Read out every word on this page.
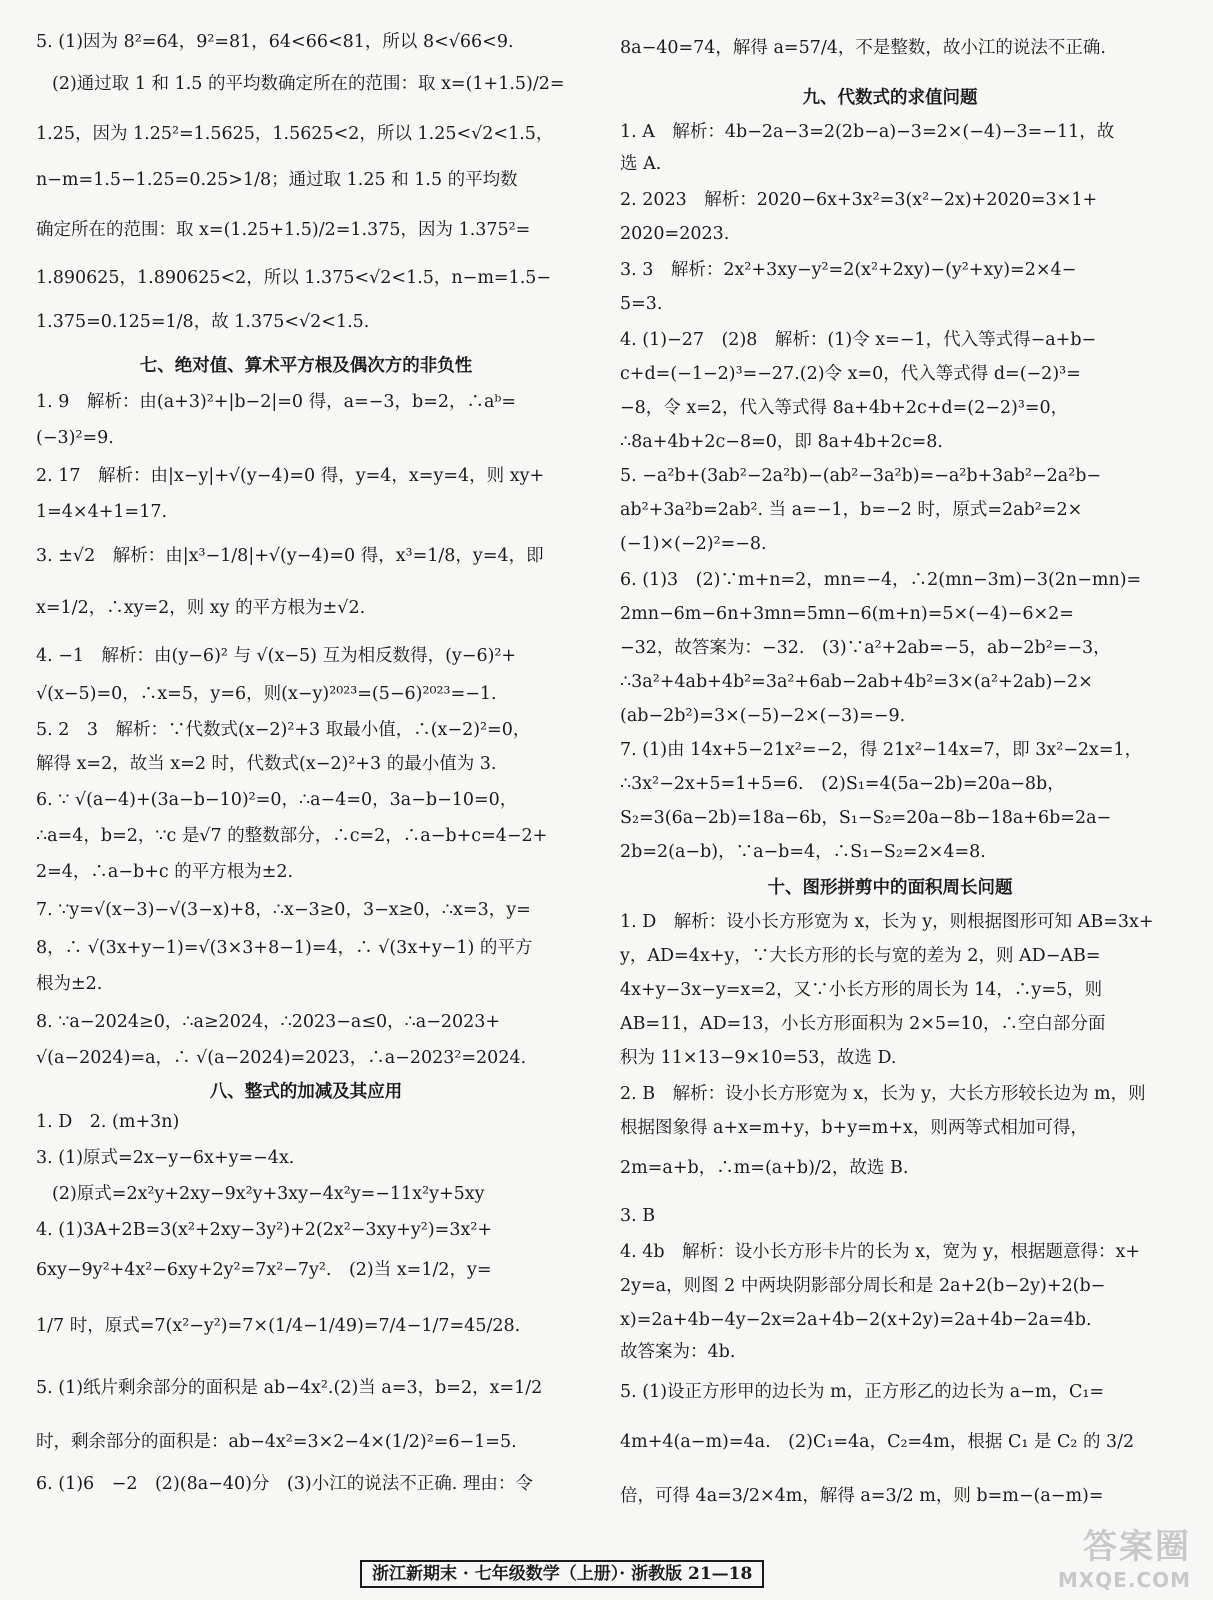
5. (1)因为 8²=64，9²=81，64<66<81，所以 8<√66<9.
(2)通过取 1 和 1.5 的平均数确定所在的范围：取 x=(1+1.5)/2=
1.25，因为 1.25²=1.5625，1.5625<2，所以 1.25<√2<1.5，
n−m=1.5−1.25=0.25>1/8；通过取 1.25 和 1.5 的平均数
确定所在的范围：取 x=(1.25+1.5)/2=1.375，因为 1.375²=
1.890625，1.890625<2，所以 1.375<√2<1.5，n−m=1.5−
1.375=0.125=1/8，故 1.375<√2<1.5.
七、绝对值、算术平方根及偶次方的非负性
1. 9　解析：由(a+3)²+|b−2|=0 得，a=−3，b=2，∴aᵇ=
(−3)²=9.
2. 17　解析：由|x−y|+√(y−4)=0 得，y=4，x=y=4，则 xy+
1=4×4+1=17.
3. ±√2　解析：由|x³−1/8|+√(y−4)=0 得，x³=1/8，y=4，即
x=1/2，∴xy=2，则 xy 的平方根为±√2.
4. −1　解析：由(y−6)² 与 √(x−5) 互为相反数得，(y−6)²+
√(x−5)=0，∴x=5，y=6，则(x−y)²⁰²³=(5−6)²⁰²³=−1.
5. 2　3　解析：∵代数式(x−2)²+3 取最小值，∴(x−2)²=0，
解得 x=2，故当 x=2 时，代数式(x−2)²+3 的最小值为 3.
6. ∵ √(a−4)+(3a−b−10)²=0，∴a−4=0，3a−b−10=0，
∴a=4，b=2，∵c 是√7 的整数部分，∴c=2，∴a−b+c=4−2+
2=4，∴a−b+c 的平方根为±2.
7. ∵y=√(x−3)−√(3−x)+8，∴x−3≥0，3−x≥0，∴x=3，y=
8，∴ √(3x+y−1)=√(3×3+8−1)=4，∴ √(3x+y−1) 的平方
根为±2.
8. ∵a−2024≥0，∴a≥2024，∴2023−a≤0，∴a−2023+
√(a−2024)=a，∴ √(a−2024)=2023，∴a−2023²=2024.
八、整式的加减及其应用
1. D　2. (m+3n)
3. (1)原式=2x−y−6x+y=−4x.
(2)原式=2x²y+2xy−9x²y+3xy−4x²y=−11x²y+5xy
4. (1)3A+2B=3(x²+2xy−3y²)+2(2x²−3xy+y²)=3x²+
6xy−9y²+4x²−6xy+2y²=7x²−7y².　(2)当 x=1/2，y=
1/7 时，原式=7(x²−y²)=7×(1/4−1/49)=7/4−1/7=45/28.
5. (1)纸片剩余部分的面积是 ab−4x².(2)当 a=3，b=2，x=1/2
时，剩余部分的面积是：ab−4x²=3×2−4×(1/2)²=6−1=5.
6. (1)6　−2　(2)(8a−40)分　(3)小江的说法不正确. 理由：令
8a−40=74，解得 a=57/4，不是整数，故小江的说法不正确.
九、代数式的求值问题
1. A　解析：4b−2a−3=2(2b−a)−3=2×(−4)−3=−11，故
选 A.
2. 2023　解析：2020−6x+3x²=3(x²−2x)+2020=3×1+
2020=2023.
3. 3　解析：2x²+3xy−y²=2(x²+2xy)−(y²+xy)=2×4−
5=3.
4. (1)−27　(2)8　解析：(1)令 x=−1，代入等式得−a+b−
c+d=(−1−2)³=−27.(2)令 x=0，代入等式得 d=(−2)³=
−8，令 x=2，代入等式得 8a+4b+2c+d=(2−2)³=0，
∴8a+4b+2c−8=0，即 8a+4b+2c=8.
5. −a²b+(3ab²−2a²b)−(ab²−3a²b)=−a²b+3ab²−2a²b−
ab²+3a²b=2ab². 当 a=−1，b=−2 时，原式=2ab²=2×
(−1)×(−2)²=−8.
6. (1)3　(2)∵m+n=2，mn=−4，∴2(mn−3m)−3(2n−mn)=
2mn−6m−6n+3mn=5mn−6(m+n)=5×(−4)−6×2=
−32，故答案为：−32.　(3)∵a²+2ab=−5，ab−2b²=−3，
∴3a²+4ab+4b²=3a²+6ab−2ab+4b²=3×(a²+2ab)−2×
(ab−2b²)=3×(−5)−2×(−3)=−9.
7. (1)由 14x+5−21x²=−2，得 21x²−14x=7，即 3x²−2x=1，
∴3x²−2x+5=1+5=6.　(2)S₁=4(5a−2b)=20a−8b，
S₂=3(6a−2b)=18a−6b，S₁−S₂=20a−8b−18a+6b=2a−
2b=2(a−b)，∵a−b=4，∴S₁−S₂=2×4=8.
十、图形拼剪中的面积周长问题
1. D　解析：设小长方形宽为 x，长为 y，则根据图形可知 AB=3x+
y，AD=4x+y，∵大长方形的长与宽的差为 2，则 AD−AB=
4x+y−3x−y=x=2，又∵小长方形的周长为 14，∴y=5，则
AB=11，AD=13，小长方形面积为 2×5=10，∴空白部分面
积为 11×13−9×10=53，故选 D.
2. B　解析：设小长方形宽为 x，长为 y，大长方形较长边为 m，则
根据图象得 a+x=m+y，b+y=m+x，则两等式相加可得，
2m=a+b，∴m=(a+b)/2，故选 B.
3. B
4. 4b　解析：设小长方形卡片的长为 x，宽为 y，根据题意得：x+
2y=a，则图 2 中两块阴影部分周长和是 2a+2(b−2y)+2(b−
x)=2a+4b−4y−2x=2a+4b−2(x+2y)=2a+4b−2a=4b.
故答案为：4b.
5. (1)设正方形甲的边长为 m，正方形乙的边长为 a−m，C₁=
4m+4(a−m)=4a.　(2)C₁=4a，C₂=4m，根据 C₁ 是 C₂ 的 3/2
倍，可得 4a=3/2×4m，解得 a=3/2 m，则 b=m−(a−m)=
浙江新期末 · 七年级数学（上册）· 浙教版 21—18
答案圈
MXQE.COM
